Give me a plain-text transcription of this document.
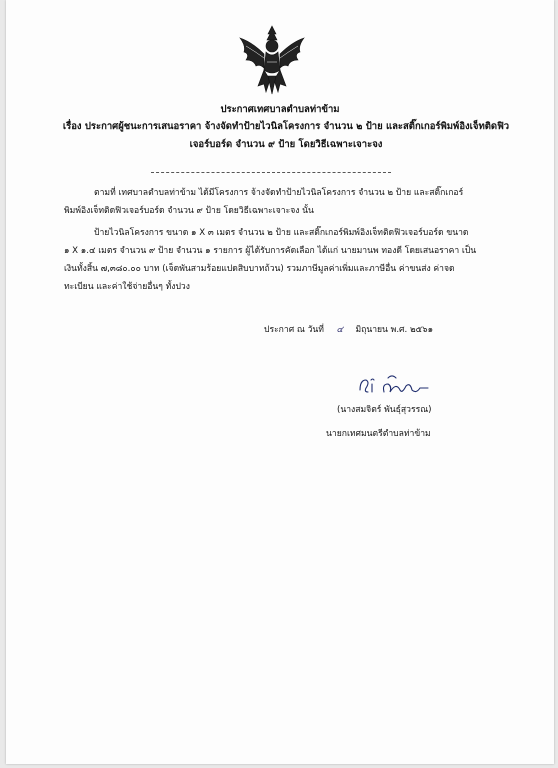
ประกาศเทศบาลตำบลท่าข้าม
เรื่อง ประกาศผู้ชนะการเสนอราคา จ้างจัดทำป้ายไวนิลโครงการ จำนวน ๒ ป้าย และสติ๊กเกอร์พิมพ์อิงเจ็ทติดฟิว
เจอร์บอร์ด จำนวน ๙ ป้าย โดยวิธีเฉพาะเจาะจง
ตามที่ เทศบาลตำบลท่าข้าม ได้มีโครงการ จ้างจัดทำป้ายไวนิลโครงการ จำนวน ๒ ป้าย และสติ๊กเกอร์
พิมพ์อิงเจ็ทติดฟิวเจอร์บอร์ด จำนวน ๙ ป้าย โดยวิธีเฉพาะเจาะจง นั้น
ป้ายไวนิลโครงการ ขนาด ๑ X ๓ เมตร จำนวน ๒ ป้าย และสติ๊กเกอร์พิมพ์อิงเจ็ทติดฟิวเจอร์บอร์ด ขนาด
๑ X ๑.๔ เมตร จำนวน ๙ ป้าย จำนวน ๑ รายการ ผู้ได้รับการคัดเลือก ได้แก่ นายมานพ ทองดี โดยเสนอราคา เป็น
เงินทั้งสิ้น ๗,๓๘๐.๐๐ บาท (เจ็ดพันสามร้อยแปดสิบบาทถ้วน) รวมภาษีมูลค่าเพิ่มและภาษีอื่น ค่าขนส่ง ค่าจด
ทะเบียน และค่าใช้จ่ายอื่นๆ ทั้งปวง
ประกาศ ณ วันที่ ๔ มิถุนายน พ.ศ. ๒๕๖๑
(นางสมจิตร์ พันธุ์สุวรรณ)
นายกเทศมนตรีตำบลท่าข้าม
